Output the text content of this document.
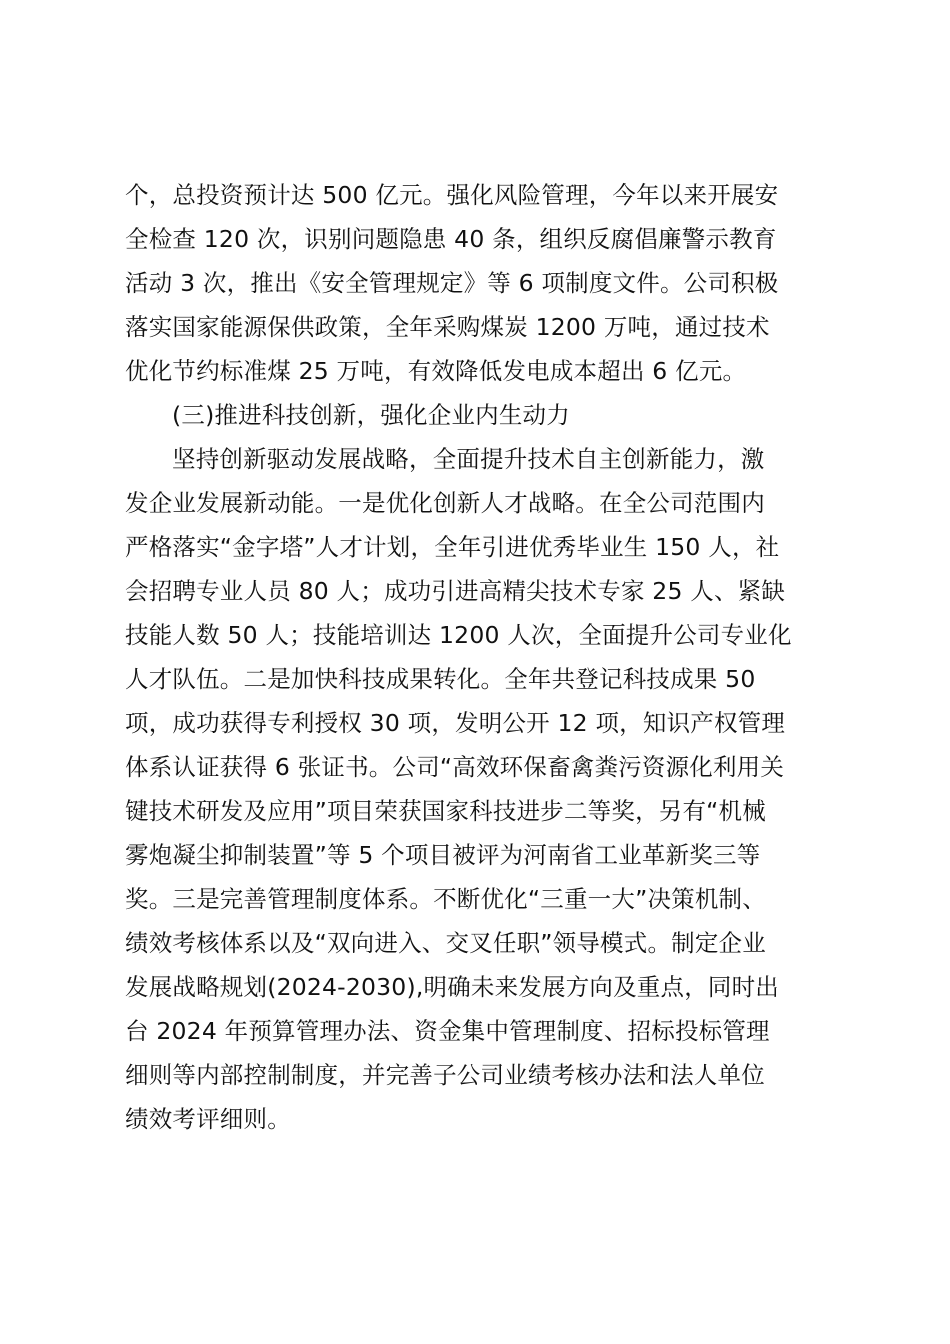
个，总投资预计达 500 亿元。强化风险管理，今年以来开展安
全检查 120 次，识别问题隐患 40 条，组织反腐倡廉警示教育
活动 3 次，推出《安全管理规定》等 6 项制度文件。公司积极
落实国家能源保供政策，全年采购煤炭 1200 万吨，通过技术
优化节约标准煤 25 万吨，有效降低发电成本超出 6 亿元。
(三)推进科技创新，强化企业内生动力
坚持创新驱动发展战略，全面提升技术自主创新能力，激
发企业发展新动能。一是优化创新人才战略。在全公司范围内
严格落实“金字塔”人才计划，全年引进优秀毕业生 150 人，社
会招聘专业人员 80 人；成功引进高精尖技术专家 25 人、紧缺
技能人数 50 人；技能培训达 1200 人次，全面提升公司专业化
人才队伍。二是加快科技成果转化。全年共登记科技成果 50
项，成功获得专利授权 30 项，发明公开 12 项，知识产权管理
体系认证获得 6 张证书。公司“高效环保畜禽粪污资源化利用关
键技术研发及应用”项目荣获国家科技进步二等奖，另有“机械
雾炮凝尘抑制装置”等 5 个项目被评为河南省工业革新奖三等
奖。三是完善管理制度体系。不断优化“三重一大”决策机制、
绩效考核体系以及“双向进入、交叉任职”领导模式。制定企业
发展战略规划(2024-2030),明确未来发展方向及重点，同时出
台 2024 年预算管理办法、资金集中管理制度、招标投标管理
细则等内部控制制度，并完善子公司业绩考核办法和法人单位
绩效考评细则。
